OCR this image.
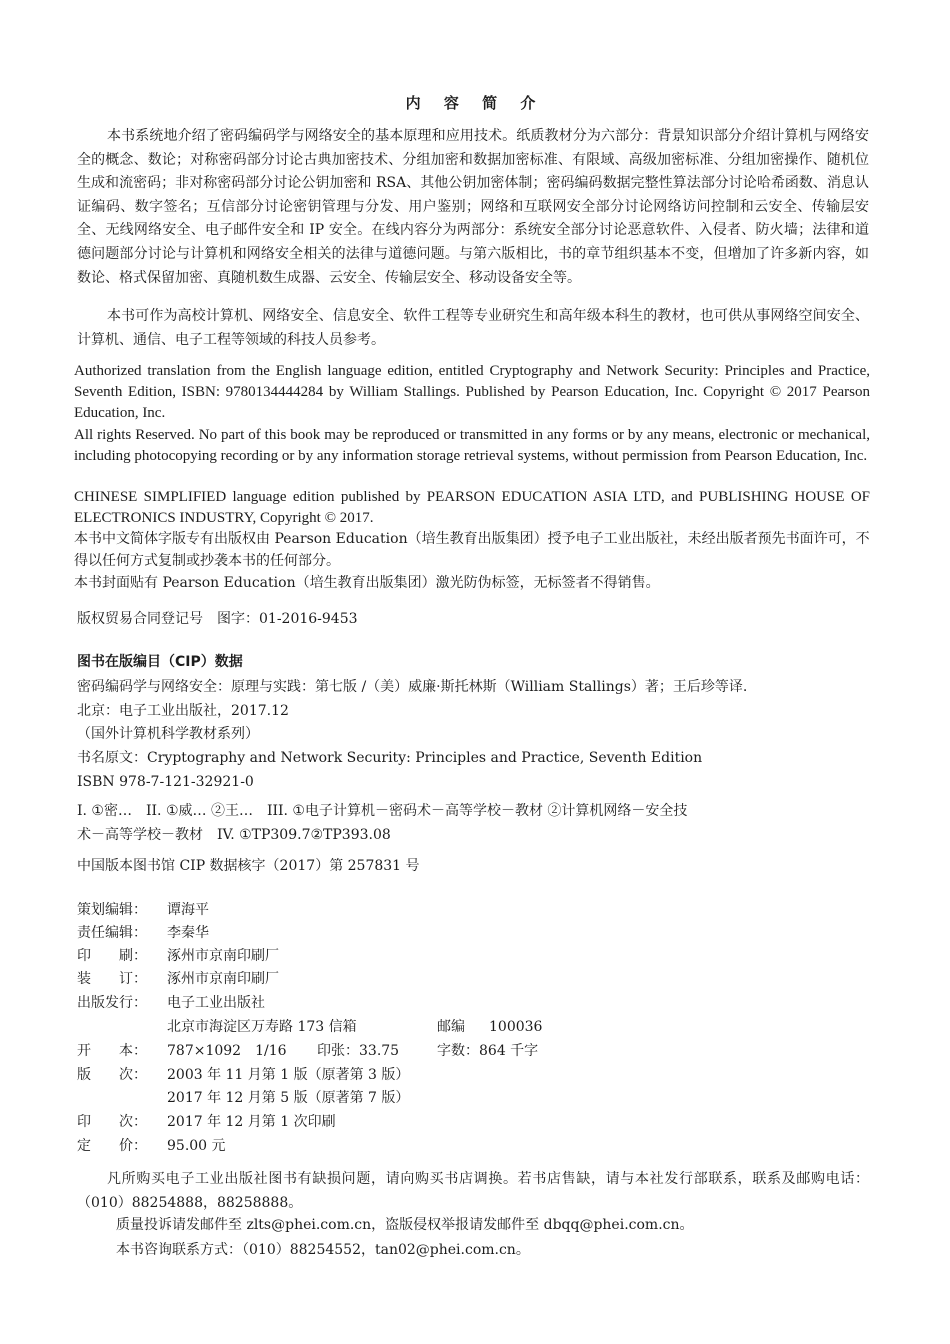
内 容 简 介

本书系统地介绍了密码编码学与网络安全的基本原理和应用技术。纸质教材分为六部分：背景知识部分介绍计算机与网络安全的概念、数论；对称密码部分讨论古典加密技术、分组加密和数据加密标准、有限域、高级加密标准、分组加密操作、随机位生成和流密码；非对称密码部分讨论公钥加密和 RSA、其他公钥加密体制；密码编码数据完整性算法部分讨论哈希函数、消息认证编码、数字签名；互信部分讨论密钥管理与分发、用户鉴别；网络和互联网安全部分讨论网络访问控制和云安全、传输层安全、无线网络安全、电子邮件安全和 IP 安全。在线内容分为两部分：系统安全部分讨论恶意软件、入侵者、防火墙；法律和道德问题部分讨论与计算机和网络安全相关的法律与道德问题。与第六版相比，书的章节组织基本不变，但增加了许多新内容，如数论、格式保留加密、真随机数生成器、云安全、传输层安全、移动设备安全等。

本书可作为高校计算机、网络安全、信息安全、软件工程等专业研究生和高年级本科生的教材，也可供从事网络空间安全、计算机、通信、电子工程等领域的科技人员参考。

Authorized translation from the English language edition, entitled Cryptography and Network Security: Principles and Practice, Seventh Edition, ISBN: 9780134444284 by William Stallings. Published by Pearson Education, Inc. Copyright © 2017 Pearson Education, Inc.

All rights Reserved. No part of this book may be reproduced or transmitted in any forms or by any means, electronic or mechanical, including photocopying recording or by any information storage retrieval systems, without permission from Pearson Education, Inc.

CHINESE SIMPLIFIED language edition published by PEARSON EDUCATION ASIA LTD, and PUBLISHING HOUSE OF ELECTRONICS INDUSTRY, Copyright © 2017.

本书中文简体字版专有出版权由 Pearson Education（培生教育出版集团）授予电子工业出版社，未经出版者预先书面许可，不得以任何方式复制或抄袭本书的任何部分。

本书封面贴有 Pearson Education（培生教育出版集团）激光防伪标签，无标签者不得销售。

版权贸易合同登记号　图字：01-2016-9453
图书在版编目（CIP）数据
密码编码学与网络安全：原理与实践：第七版 /（美）威廉·斯托林斯（William Stallings）著；王后珍等译.
北京：电子工业出版社，2017.12
（国外计算机科学教材系列）
书名原文：Cryptography and Network Security: Principles and Practice, Seventh Edition
ISBN 978-7-121-32921-0
I. ①密…　II. ①威… ②王…　III. ①电子计算机－密码术－高等学校－教材 ②计算机网络－安全技
术－高等学校－教材　IV. ①TP309.7②TP393.08
中国版本图书馆 CIP 数据核字（2017）第 257831 号
策划编辑： 谭海平
责任编辑： 李秦华
印　　刷： 涿州市京南印刷厂
装　　订： 涿州市京南印刷厂
出版发行： 电子工业出版社
北京市海淀区万寿路 173 信箱	邮编 100036
开　　本： 787×1092　1/16 印张：33.75	字数：864 千字
版　　次： 2003 年 11 月第 1 版（原著第 3 版）
2017 年 12 月第 5 版（原著第 7 版）
印　　次： 2017 年 12 月第 1 次印刷
定　　价： 95.00 元

凡所购买电子工业出版社图书有缺损问题，请向购买书店调换。若书店售缺，请与本社发行部联系，联系及邮购电话：（010）88254888，88258888。

质量投诉请发邮件至 zlts@phei.com.cn，盗版侵权举报请发邮件至 dbqq@phei.com.cn。
本书咨询联系方式：（010）88254552，tan02@phei.com.cn。
